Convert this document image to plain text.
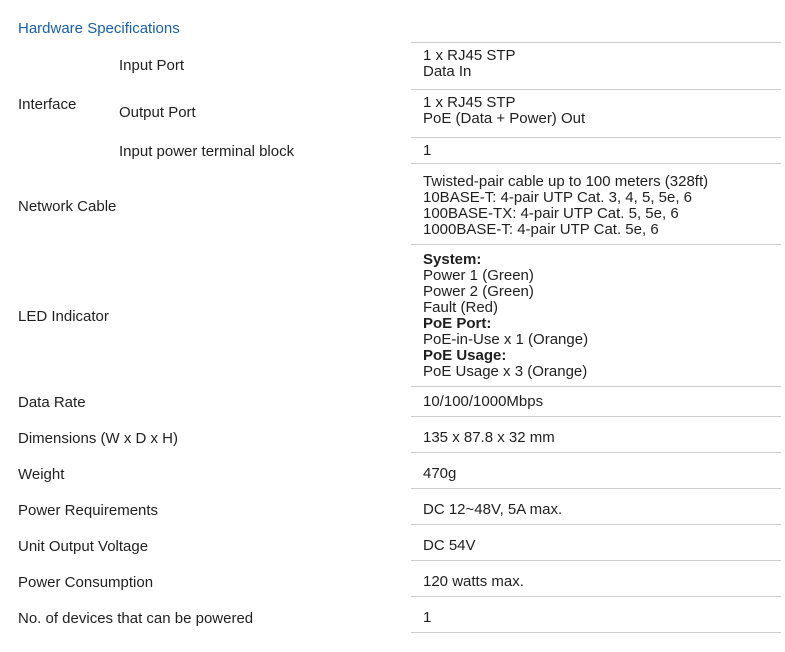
Hardware Specifications
Input Port
1 x RJ45 STP
Data In
Output Port
1 x RJ45 STP
PoE (Data + Power) Out
Input power terminal block	1
Interface
Twisted-pair cable up to 100 meters (328ft)
10BASE-T: 4-pair UTP Cat. 3, 4, 5, 5e, 6
100BASE-TX: 4-pair UTP Cat. 5, 5e, 6
1000BASE-T: 4-pair UTP Cat. 5e, 6
Network Cable
System:
Power 1 (Green)
Power 2 (Green)
Fault (Red)
PoE Port:
PoE-in-Use x 1 (Orange)
PoE Usage:
PoE Usage x 3 (Orange)
LED Indicator
10/100/1000Mbps
Data Rate
135 x 87.8 x 32 mm
Dimensions (W x D x H)
470g
Weight
DC 12~48V, 5A max.
Power Requirements
DC 54V
Unit Output Voltage
120 watts max.
Power Consumption
1
No. of devices that can be powered
